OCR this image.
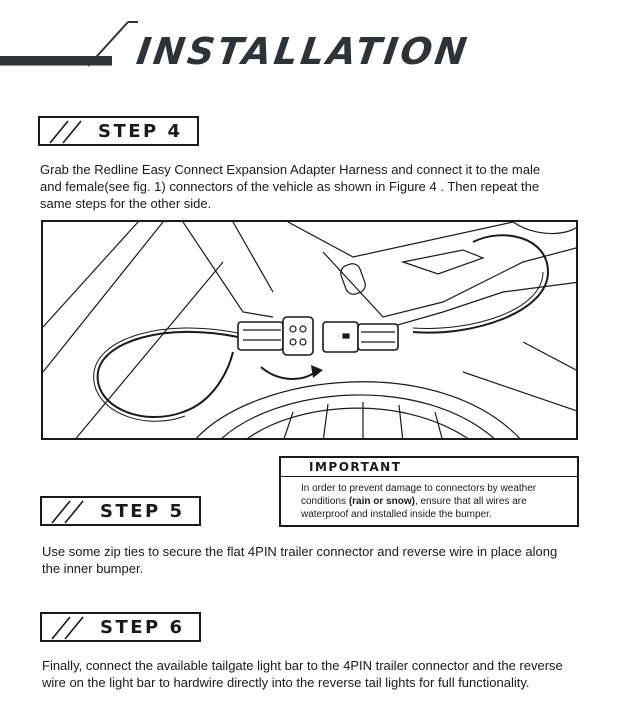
INSTALLATION
STEP 4
Grab the Redline Easy Connect Expansion Adapter Harness and connect it to the male and female(see fig. 1) connectors of the vehicle as shown in Figure 4 . Then repeat the same steps for the other side.
IMPORTANT
In order to prevent damage to connectors by weather conditions (rain or snow), ensure that all wires are waterproof and installed inside the bumper.
STEP 5
Use some zip ties to secure the flat 4PIN trailer connector and reverse wire in place along the inner bumper.
STEP 6
Finally, connect the available tailgate light bar to the 4PIN trailer connector and the reverse wire on the light bar to hardwire directly into the reverse tail lights for full functionality.
